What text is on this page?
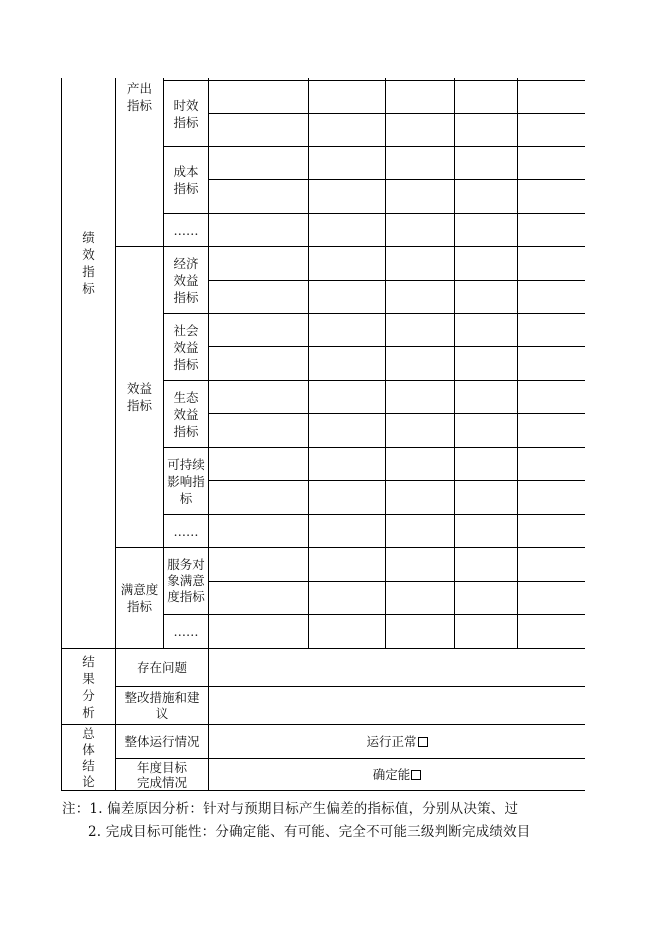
绩效指标
产出指标
效益指标
满意度指标
时效指标
成本指标
……
经济效益指标
社会效益指标
生态效益指标
可持续影响指标
……
服务对象满意度指标
……
结果分析
存在问题
整改措施和建议
总体结论
整体运行情况
年度目标完成情况
运行正常
确定能
注：1. 偏差原因分析：针对与预期目标产生偏差的指标值，分别从决策、过
2. 完成目标可能性：分确定能、有可能、完全不可能三级判断完成绩效目
